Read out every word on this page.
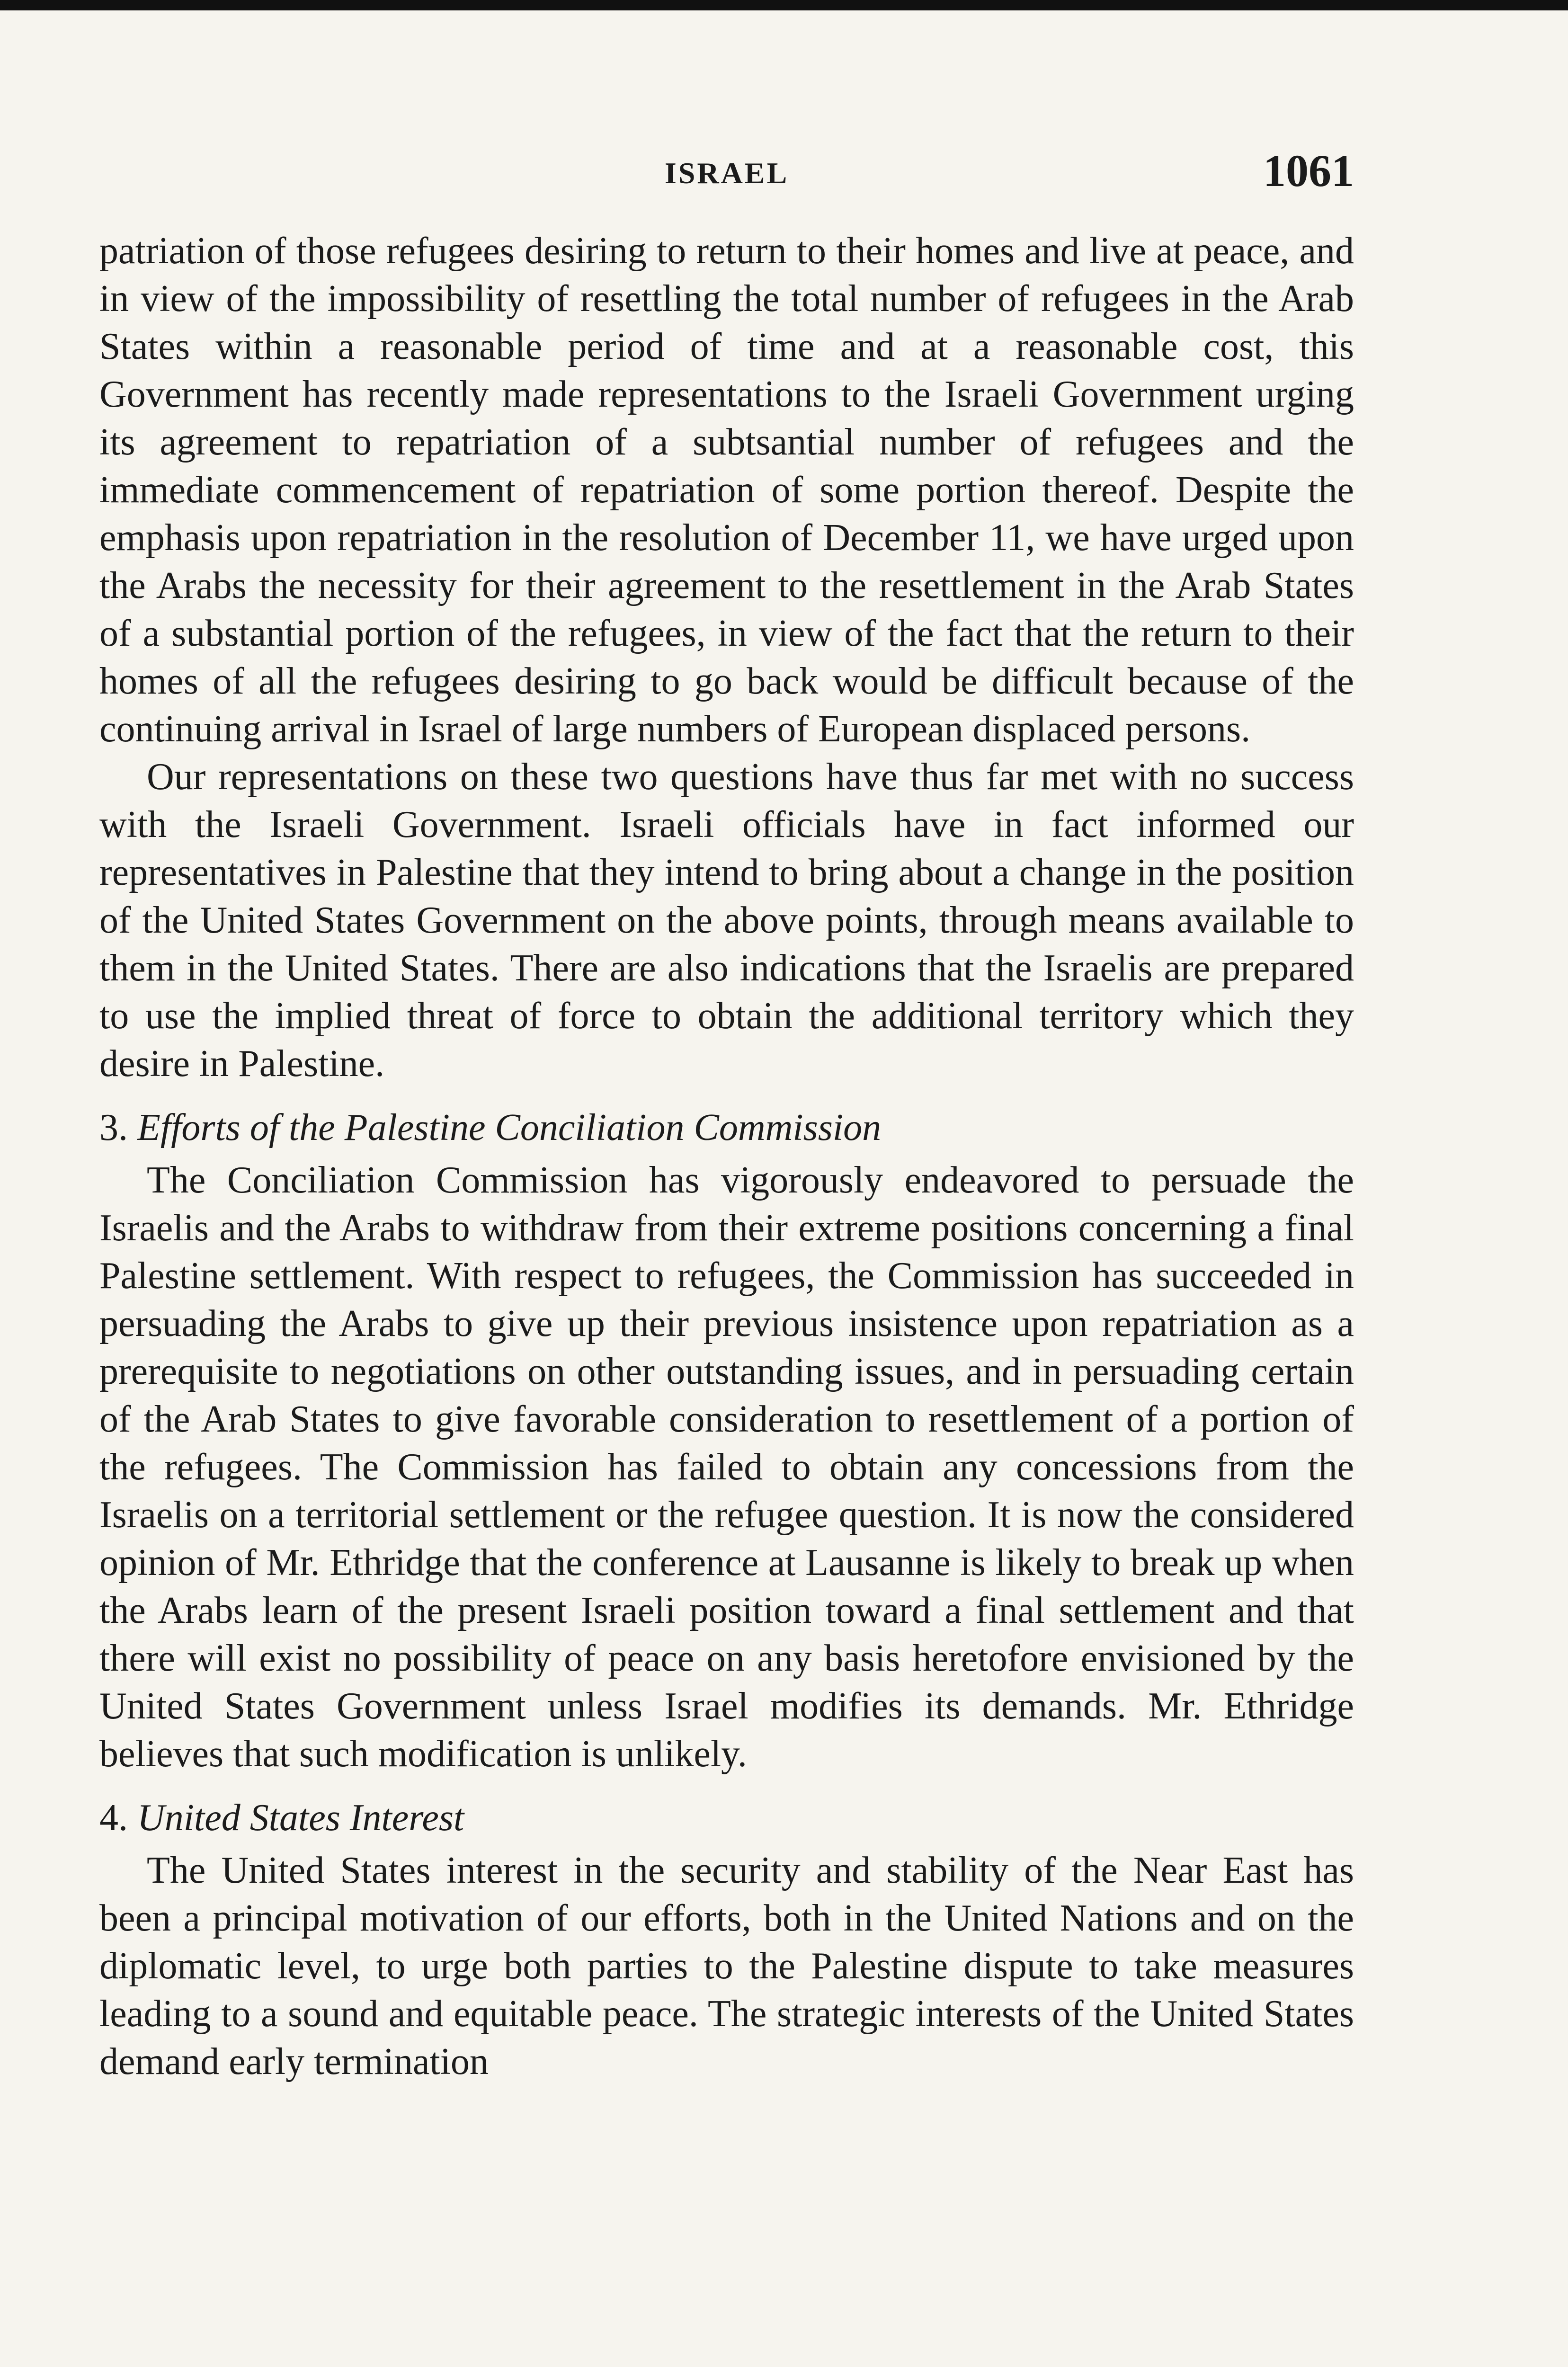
ISRAEL	1061

patriation of those refugees desiring to return to their homes and live at peace, and in view of the impossibility of resettling the total number of refugees in the Arab States within a reasonable period of time and at a reasonable cost, this Government has recently made representations to the Israeli Government urging its agreement to repatriation of a subtsantial number of refugees and the immediate commencement of repatriation of some portion thereof. Despite the emphasis upon repatriation in the resolution of December 11, we have urged upon the Arabs the necessity for their agreement to the resettlement in the Arab States of a substantial portion of the refugees, in view of the fact that the return to their homes of all the refugees desiring to go back would be difficult because of the continuing arrival in Israel of large numbers of European displaced persons.

Our representations on these two questions have thus far met with no success with the Israeli Government. Israeli officials have in fact informed our representatives in Palestine that they intend to bring about a change in the position of the United States Government on the above points, through means available to them in the United States. There are also indications that the Israelis are prepared to use the implied threat of force to obtain the additional territory which they desire in Palestine.

3. Efforts of the Palestine Conciliation Commission

The Conciliation Commission has vigorously endeavored to persuade the Israelis and the Arabs to withdraw from their extreme positions concerning a final Palestine settlement. With respect to refugees, the Commission has succeeded in persuading the Arabs to give up their previous insistence upon repatriation as a prerequisite to negotiations on other outstanding issues, and in persuading certain of the Arab States to give favorable consideration to resettlement of a portion of the refugees. The Commission has failed to obtain any concessions from the Israelis on a territorial settlement or the refugee question. It is now the considered opinion of Mr. Ethridge that the conference at Lausanne is likely to break up when the Arabs learn of the present Israeli position toward a final settlement and that there will exist no possibility of peace on any basis heretofore envisioned by the United States Government unless Israel modifies its demands. Mr. Ethridge believes that such modification is unlikely.

4. United States Interest

The United States interest in the security and stability of the Near East has been a principal motivation of our efforts, both in the United Nations and on the diplomatic level, to urge both parties to the Palestine dispute to take measures leading to a sound and equitable peace. The strategic interests of the United States demand early termination
